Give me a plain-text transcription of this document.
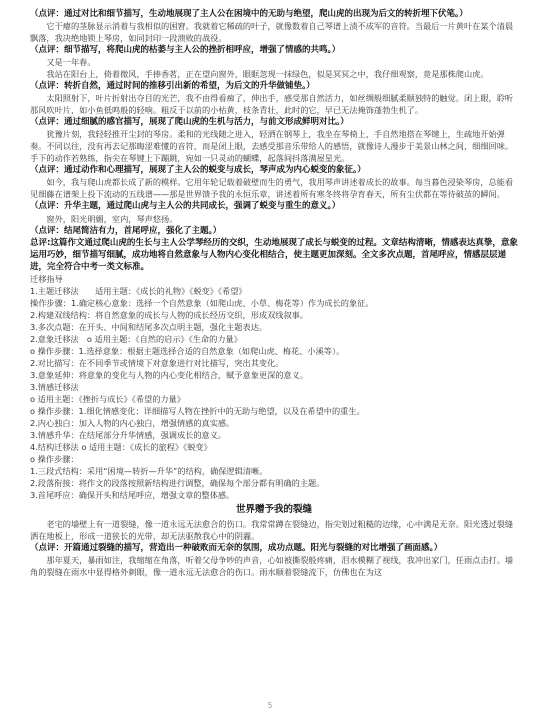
（点评：通过对比和细节描写，生动地展现了主人公在困境中的无助与绝望，爬山虎的出现为后文的转折埋下伏笔。）

它干瘪的茎脉显示消着与我相似的困窘。我就着它稀疏的叶子，就像数着自己琴谱上渍不成军的音符。当最后一片黄叶在某个清晨飘落，我决绝地锁上琴房，如同封印一段溃败的战役。

（点评：细节描写，将爬山虎的枯萎与主人公的挫折相呼应，增强了情感的共鸣。）

又是一年春。

我站在阳台上，倚着微风，手捧香茗，正在望向窗外，眼眶忽现一抹绿色，似是冥冥之中，我仔细观察，竟是那株爬山虎。

（点评：转折自然，通过时间的推移引出新的希望，为后文的升华做铺垫。）

太阳照射下，叶片折射出夺目的光芒，我不由得看痴了，伸出手，感受那自然活力，如丝绸般细腻柔顺独特的触觉。闭上眼，聆听那风吹叶片，如小鱼低鸣般的轻响。粗反于以前的小枯黄，枝条青壮，此时的它，早已无法掩饰蓬勃生机了。

（点评：通过细腻的感官描写，展现了爬山虎的生机与活力，与前文形成鲜明对比。）

犹豫片刻，我轻轻推开尘封的琴房。柔和的光线随之进入，轻洒在钢琴上，我坐在琴椅上，手自然地搭在琴键上，生疏地开始弹奏。不同以往，没有再去记那晦涩难懂的音符，而是闭上眼，去感受那音乐带给人的感悟，就像诗人漫步于美景山林之间，细细回味。手下的动作若熟练，指尖在琴键上下蹦跳，宛如一只灵动的蝴蝶，起落间抖落满屋星光。

（点评：通过动作和心理描写，展现了主人公的蜕变与成长，琴声成为内心蜕变的象征。）

如今，我与爬山虎都长成了新的模样。它用年轮记载着破壁而生的勇气，我用琴声讲述着成长的故事。每当暮色浸染琴房，总能看见细藤在谱架上投下流动的五线谱——那是世界馈予我的永恒乐章，讲述着所有寒冬终将孕育春天，所有尘伏都在等待破茧的瞬间。

（点评：升华主题，通过爬山虎与主人公的共同成长，强调了蜕变与重生的意义。）

窗外，阳光明媚，室内，琴声悠扬。

（点评：结尾简洁有力，首尾呼应，强化了主题。）

总评:这篇作文通过爬山虎的生长与主人公学琴经历的交织，生动地展现了成长与蜕变的过程。文章结构清晰，情感表达真挚，意象运用巧妙，细节描写细腻，成功地将自然意象与人物内心变化相结合，使主题更加深刻。全文多次点题，首尾呼应，情感层层递进，完全符合中考一类文标准。

迁移指导

1.主题迁移法　　适用主题：《成长的礼物》《蜕变》《希望》

操作步骤：1.确定核心意象：选择一个自然意象（如爬山虎、小草、梅花等）作为成长的象征。

2.构建双线结构：将自然意象的成长与人物的成长经历交织，形成双线叙事。

3.多次点题：在开头、中间和结尾多次点明主题，强化主题表达。

2.意象迁移法　o 适用主题：《自然的启示》《生命的力量》

o 操作步骤：1.选择意象：根据主题选择合适的自然意象（如爬山虎、梅花、小溪等）。

2.对比描写：在不同季节或情境下对意象进行对比描写，突出其变化。

3.意象延伸：将意象的变化与人物的内心变化相结合，赋予意象更深的意义。

3.情感迁移法

o 适用主题：《挫折与成长》《希望的力量》

o 操作步骤：1.细化情感变化：详细描写人物在挫折中的无助与绝望，以及在希望中的重生。

2.内心独白：加入人物的内心独白，增强情感的真实感。

3.情感升华：在结尾部分升华情感，强调成长的意义。

4.结构迁移法 o 适用主题：《成长的旅程》《蜕变》

o 操作步骤：

1.三段式结构：采用“困境—转折—升华”的结构，确保逻辑清晰。

2.段落衔接：将作文的段落按照新结构进行调整，确保每个部分都有明确的主题。

3.首尾呼应：确保开头和结尾呼应，增强文章的整体感。

世界赠予我的裂缝

老宅的墙壁上有一道裂缝，像一道永远无法愈合的伤口。我常常蹲在裂缝边，指尖划过粗糙的边缘，心中满是无奈。阳光透过裂缝洒在地板上，形成一道狭长的光带，却无法驱散我心中的阴霾。

（点评：开篇通过裂缝的描写，营造出一种破败而无奈的氛围，成功点题。阳光与裂缝的对比增强了画面感。）

那年夏天，暴雨如注，我缩缩在角落，听着父母争吵的声音，心如被撕裂般疼痛，泪水模糊了视线，我冲出家门，任雨点击打。墙角的裂缝在雨水中显得格外刺眼，像一道永远无法愈合的伤口。雨水顺着裂缝流下，仿佛也在为这

5
